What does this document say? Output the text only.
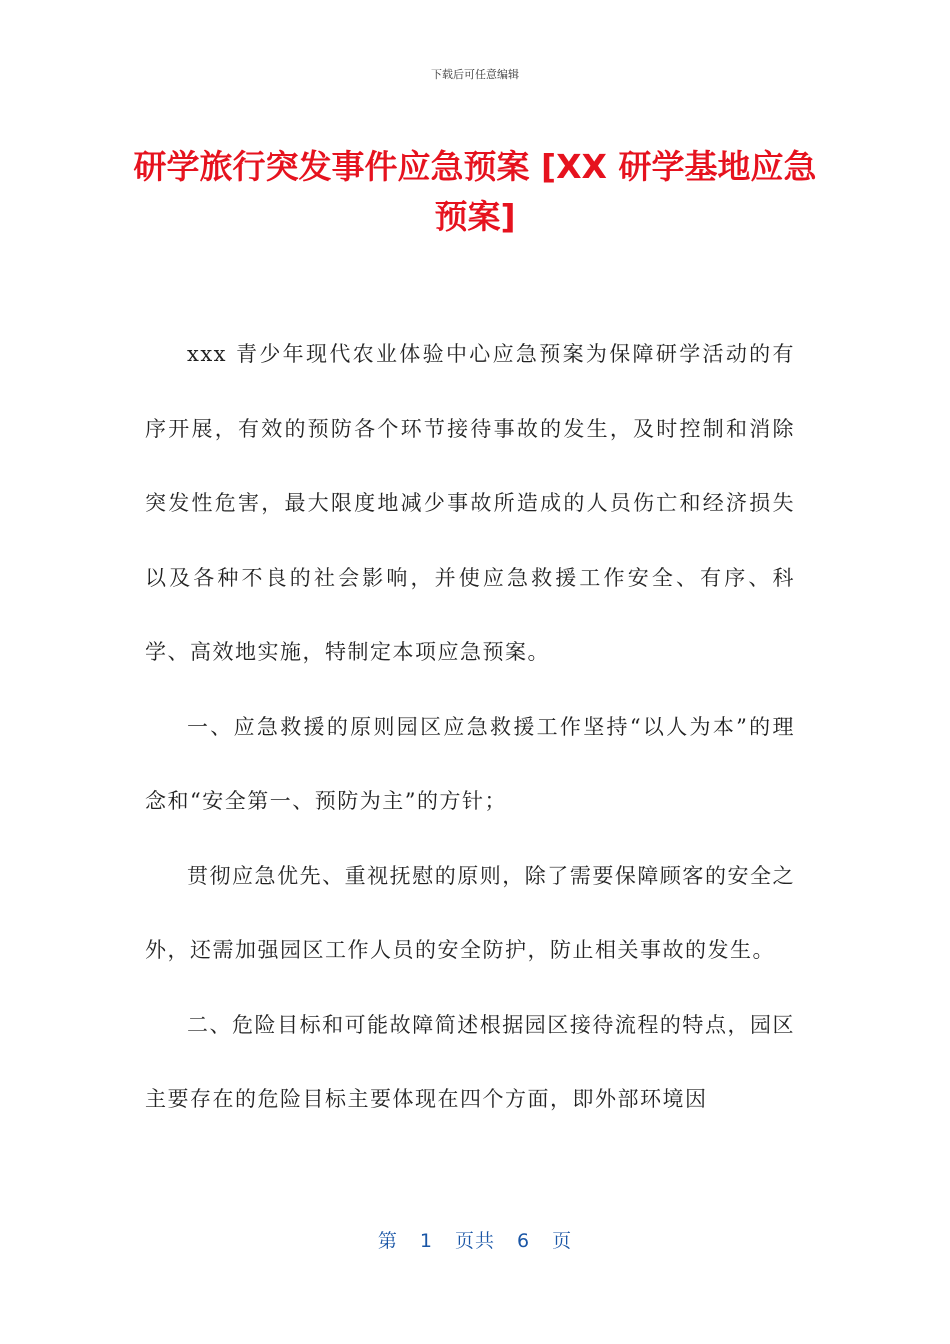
下载后可任意编辑
研学旅行突发事件应急预案 [XX 研学基地应急预案]

xxx 青少年现代农业体验中心应急预案为保障研学活动的有序开展，有效的预防各个环节接待事故的发生，及时控制和消除突发性危害，最大限度地减少事故所造成的人员伤亡和经济损失以及各种不良的社会影响，并使应急救援工作安全、有序、科学、高效地实施，特制定本项应急预案。

一、应急救援的原则园区应急救援工作坚持“以人为本”的理念和“安全第一、预防为主”的方针；

贯彻应急优先、重视抚慰的原则，除了需要保障顾客的安全之外，还需加强园区工作人员的安全防护，防止相关事故的发生。

二、危险目标和可能故障简述根据园区接待流程的特点，园区主要存在的危险目标主要体现在四个方面，即外部环境因

第 1 页共 6 页
